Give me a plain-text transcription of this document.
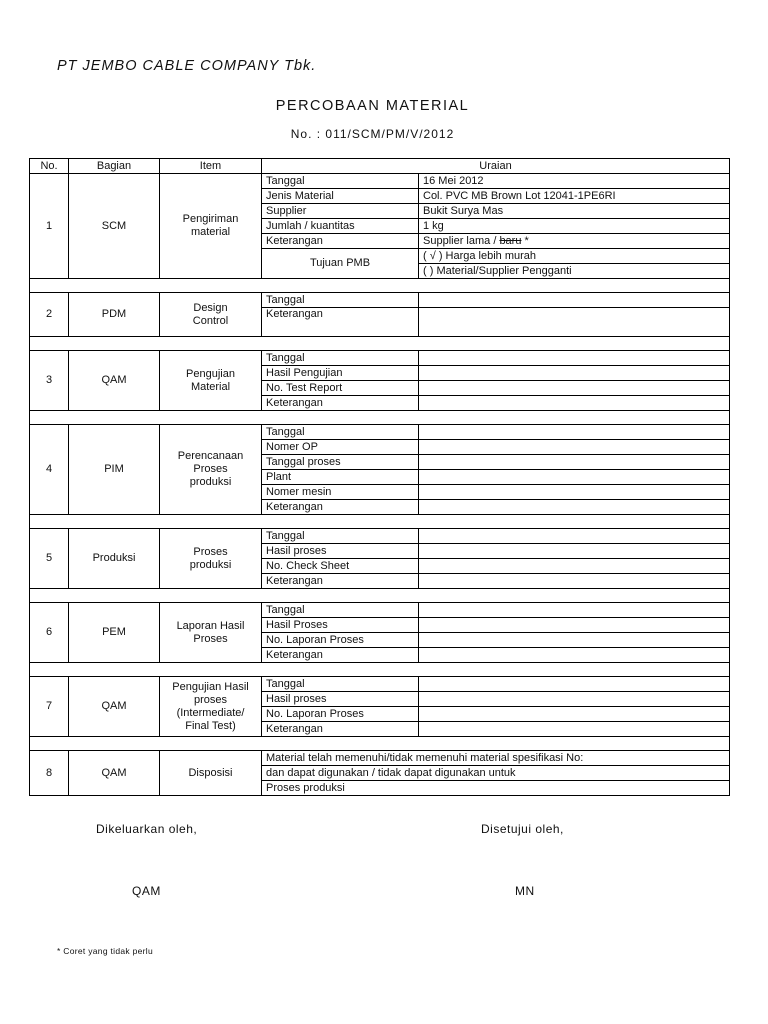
PT JEMBO CABLE COMPANY Tbk.
PERCOBAAN MATERIAL
No. : 011/SCM/PM/V/2012
No.	Bagian	Item	Uraian	
1	SCM	Pengiriman material	Tanggal	16 Mei 2012
			Jenis Material	Col. PVC MB Brown Lot 12041-1PE6RI
			Supplier	Bukit Surya Mas
			Jumlah / kuantitas	1 kg
			Keterangan	Supplier lama / baru *
			Tujuan PMB	( √ ) Harga lebih murah
				( ) Material/Supplier Pengganti

2	PDM	Design Control	Tanggal	
			Keterangan	

3	QAM	Pengujian Material	Tanggal	
			Hasil Pengujian	
			No. Test Report	
			Keterangan	

4	PIM	Perencanaan Proses produksi	Tanggal	
			Nomer OP	
			Tanggal proses	
			Plant	
			Nomer mesin	
			Keterangan	

5	Produksi	Proses produksi	Tanggal	
			Hasil proses	
			No. Check Sheet	
			Keterangan	

6	PEM	Laporan Hasil Proses	Tanggal	
			Hasil Proses	
			No. Laporan Proses	
			Keterangan	

7	QAM	Pengujian Hasil proses (Intermediate/ Final Test)	Tanggal	
			Hasil proses	
			No. Laporan Proses	
			Keterangan	

8	QAM	Disposisi	Material telah memenuhi/tidak memenuhi material spesifikasi No:	
			dan dapat digunakan / tidak dapat digunakan untuk	
			Proses produksi	
Dikeluarkan oleh,	Disetujui oleh,
QAM	MN
* Coret yang tidak perlu
